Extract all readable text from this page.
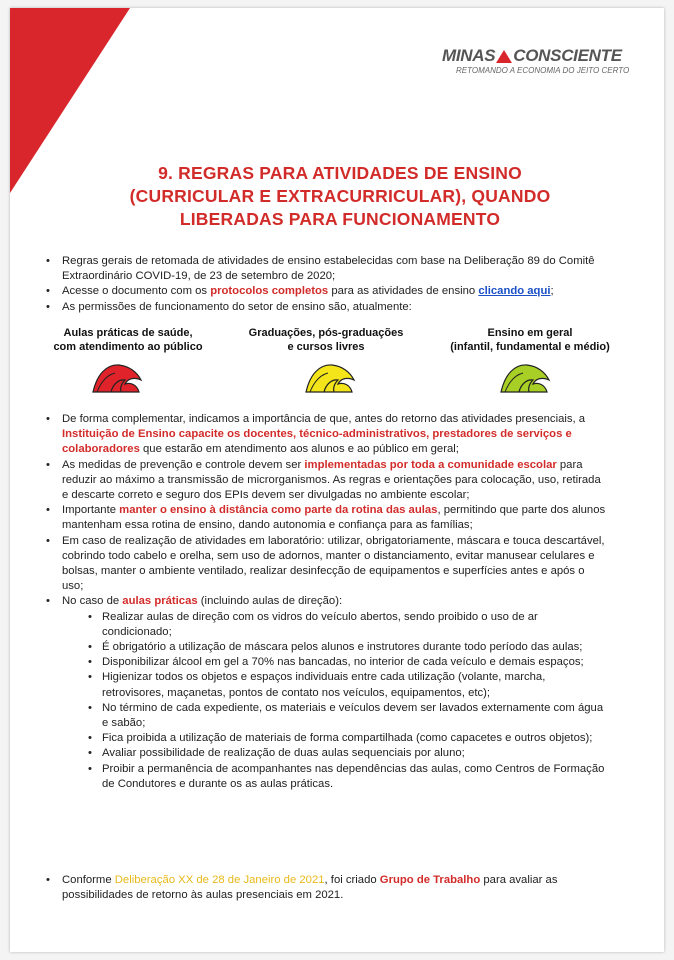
MINAS CONSCIENTE
RETOMANDO A ECONOMIA DO JEITO CERTO
9. REGRAS PARA ATIVIDADES DE ENSINO
(CURRICULAR E EXTRACURRICULAR), QUANDO
LIBERADAS PARA FUNCIONAMENTO
• Regras gerais de retomada de atividades de ensino estabelecidas com base na Deliberação 89 do Comitê Extraordinário COVID-19, de 23 de setembro de 2020;
• Acesse o documento com os protocolos completos para as atividades de ensino clicando aqui;
• As permissões de funcionamento do setor de ensino são, atualmente:
Aulas práticas de saúde,
com atendimento ao público
Graduações, pós-graduações
e cursos livres
Ensino em geral
(infantil, fundamental e médio)
• De forma complementar, indicamos a importância de que, antes do retorno das atividades presenciais, a Instituição de Ensino capacite os docentes, técnico-administrativos, prestadores de serviços e colaboradores que estarão em atendimento aos alunos e ao público em geral;
• As medidas de prevenção e controle devem ser implementadas por toda a comunidade escolar para reduzir ao máximo a transmissão de microrganismos. As regras e orientações para colocação, uso, retirada e descarte correto e seguro dos EPIs devem ser divulgadas no ambiente escolar;
• Importante manter o ensino à distância como parte da rotina das aulas, permitindo que parte dos alunos mantenham essa rotina de ensino, dando autonomia e confiança para as famílias;
• Em caso de realização de atividades em laboratório: utilizar, obrigatoriamente, máscara e touca descartável, cobrindo todo cabelo e orelha, sem uso de adornos, manter o distanciamento, evitar manusear celulares e bolsas, manter o ambiente ventilado, realizar desinfecção de equipamentos e superfícies antes e após o uso;
• No caso de aulas práticas (incluindo aulas de direção):
• Realizar aulas de direção com os vidros do veículo abertos, sendo proibido o uso de ar condicionado;
• É obrigatório a utilização de máscara pelos alunos e instrutores durante todo período das aulas;
• Disponibilizar álcool em gel a 70% nas bancadas, no interior de cada veículo e demais espaços;
• Higienizar todos os objetos e espaços individuais entre cada utilização (volante, marcha, retrovisores, maçanetas, pontos de contato nos veículos, equipamentos, etc);
• No término de cada expediente, os materiais e veículos devem ser lavados externamente com água e sabão;
• Fica proibida a utilização de materiais de forma compartilhada (como capacetes e outros objetos);
• Avaliar possibilidade de realização de duas aulas sequenciais por aluno;
• Proibir a permanência de acompanhantes nas dependências das aulas, como Centros de Formação de Condutores e durante os as aulas práticas.
• Conforme Deliberação XX de 28 de Janeiro de 2021, foi criado Grupo de Trabalho para avaliar as possibilidades de retorno às aulas presenciais em 2021.
